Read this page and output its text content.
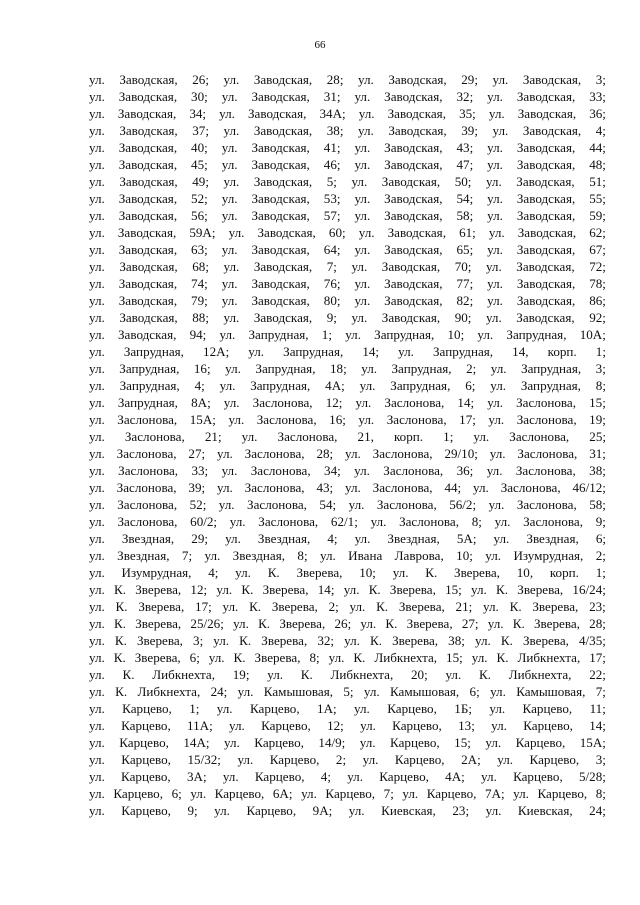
66
ул. Заводская, 26; ул. Заводская, 28; ул. Заводская, 29; ул. Заводская, 3;
ул. Заводская, 30; ул. Заводская, 31; ул. Заводская, 32; ул. Заводская, 33;
ул. Заводская, 34; ул. Заводская, 34А; ул. Заводская, 35; ул. Заводская, 36;
ул. Заводская, 37; ул. Заводская, 38; ул. Заводская, 39; ул. Заводская, 4;
ул. Заводская, 40; ул. Заводская, 41; ул. Заводская, 43; ул. Заводская, 44;
ул. Заводская, 45; ул. Заводская, 46; ул. Заводская, 47; ул. Заводская, 48;
ул. Заводская, 49; ул. Заводская, 5; ул. Заводская, 50; ул. Заводская, 51;
ул. Заводская, 52; ул. Заводская, 53; ул. Заводская, 54; ул. Заводская, 55;
ул. Заводская, 56; ул. Заводская, 57; ул. Заводская, 58; ул. Заводская, 59;
ул. Заводская, 59А; ул. Заводская, 60; ул. Заводская, 61; ул. Заводская, 62;
ул. Заводская, 63; ул. Заводская, 64; ул. Заводская, 65; ул. Заводская, 67;
ул. Заводская, 68; ул. Заводская, 7; ул. Заводская, 70; ул. Заводская, 72;
ул. Заводская, 74; ул. Заводская, 76; ул. Заводская, 77; ул. Заводская, 78;
ул. Заводская, 79; ул. Заводская, 80; ул. Заводская, 82; ул. Заводская, 86;
ул. Заводская, 88; ул. Заводская, 9; ул. Заводская, 90; ул. Заводская, 92;
ул. Заводская, 94; ул. Запрудная, 1; ул. Запрудная, 10; ул. Запрудная, 10А;
ул. Запрудная, 12А; ул. Запрудная, 14; ул. Запрудная, 14, корп. 1;
ул. Запрудная, 16; ул. Запрудная, 18; ул. Запрудная, 2; ул. Запрудная, 3;
ул. Запрудная, 4; ул. Запрудная, 4А; ул. Запрудная, 6; ул. Запрудная, 8;
ул. Запрудная, 8А; ул. Заслонова, 12; ул. Заслонова, 14; ул. Заслонова, 15;
ул. Заслонова, 15А; ул. Заслонова, 16; ул. Заслонова, 17; ул. Заслонова, 19;
ул. Заслонова, 21; ул. Заслонова, 21, корп. 1; ул. Заслонова, 25;
ул. Заслонова, 27; ул. Заслонова, 28; ул. Заслонова, 29/10; ул. Заслонова, 31;
ул. Заслонова, 33; ул. Заслонова, 34; ул. Заслонова, 36; ул. Заслонова, 38;
ул. Заслонова, 39; ул. Заслонова, 43; ул. Заслонова, 44; ул. Заслонова, 46/12;
ул. Заслонова, 52; ул. Заслонова, 54; ул. Заслонова, 56/2; ул. Заслонова, 58;
ул. Заслонова, 60/2; ул. Заслонова, 62/1; ул. Заслонова, 8; ул. Заслонова, 9;
ул. Звездная, 29; ул. Звездная, 4; ул. Звездная, 5А; ул. Звездная, 6;
ул. Звездная, 7; ул. Звездная, 8; ул. Ивана Лаврова, 10; ул. Изумрудная, 2;
ул. Изумрудная, 4; ул. К. Зверева, 10; ул. К. Зверева, 10, корп. 1;
ул. К. Зверева, 12; ул. К. Зверева, 14; ул. К. Зверева, 15; ул. К. Зверева, 16/24;
ул. К. Зверева, 17; ул. К. Зверева, 2; ул. К. Зверева, 21; ул. К. Зверева, 23;
ул. К. Зверева, 25/26; ул. К. Зверева, 26; ул. К. Зверева, 27; ул. К. Зверева, 28;
ул. К. Зверева, 3; ул. К. Зверева, 32; ул. К. Зверева, 38; ул. К. Зверева, 4/35;
ул. К. Зверева, 6; ул. К. Зверева, 8; ул. К. Либкнехта, 15; ул. К. Либкнехта, 17;
ул. К. Либкнехта, 19; ул. К. Либкнехта, 20; ул. К. Либкнехта, 22;
ул. К. Либкнехта, 24; ул. Камышовая, 5; ул. Камышовая, 6; ул. Камышовая, 7;
ул. Карцево, 1; ул. Карцево, 1А; ул. Карцево, 1Б; ул. Карцево, 11;
ул. Карцево, 11А; ул. Карцево, 12; ул. Карцево, 13; ул. Карцево, 14;
ул. Карцево, 14А; ул. Карцево, 14/9; ул. Карцево, 15; ул. Карцево, 15А;
ул. Карцево, 15/32; ул. Карцево, 2; ул. Карцево, 2А; ул. Карцево, 3;
ул. Карцево, 3А; ул. Карцево, 4; ул. Карцево, 4А; ул. Карцево, 5/28;
ул. Карцево, 6; ул. Карцево, 6А; ул. Карцево, 7; ул. Карцево, 7А; ул. Карцево, 8;
ул. Карцево, 9; ул. Карцево, 9А; ул. Киевская, 23; ул. Киевская, 24;
